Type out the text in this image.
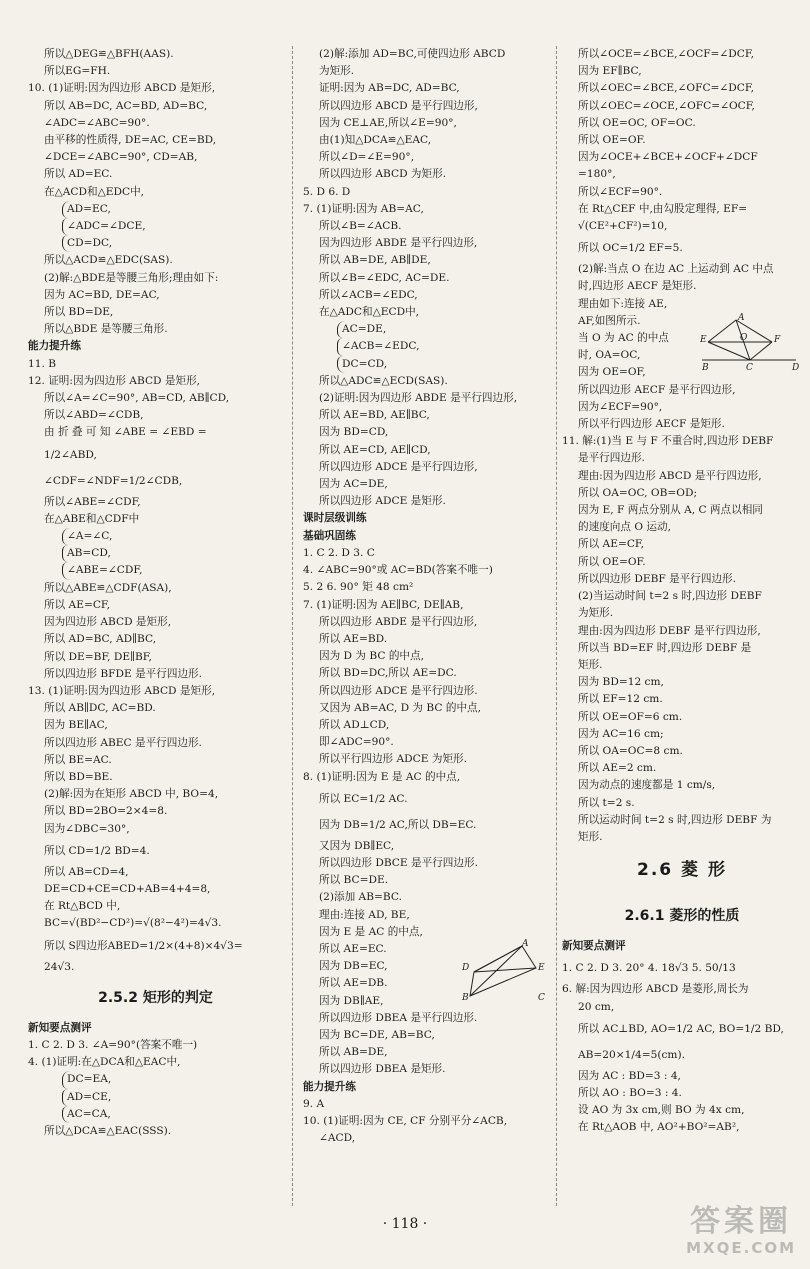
所以△DEG≌△BFH(AAS).
所以EG=FH.
10. (1)证明:因为四边形 ABCD 是矩形,
所以 AB=DC, AC=BD, AD=BC,
∠ADC=∠ABC=90°.
由平移的性质得, DE=AC, CE=BD,
∠DCE=∠ABC=90°, CD=AB,
所以 AD=EC.
在△ACD和△EDC中,
AD=EC,
∠ADC=∠DCE,
CD=DC,
所以△ACD≌△EDC(SAS).
(2)解:△BDE是等腰三角形;理由如下:
因为 AC=BD, DE=AC,
所以 BD=DE,
所以△BDE 是等腰三角形.
能力提升练
11. B
12. 证明:因为四边形 ABCD 是矩形,
所以∠A=∠C=90°, AB=CD, AB∥CD,
所以∠ABD=∠CDB,
由 折 叠 可 知 ∠ABE = ∠EBD =
1/2∠ABD,
∠CDF=∠NDF=1/2∠CDB,
所以∠ABE=∠CDF,
在△ABE和△CDF中
∠A=∠C,
AB=CD,
∠ABE=∠CDF,
所以△ABE≌△CDF(ASA),
所以 AE=CF,
因为四边形 ABCD 是矩形,
所以 AD=BC, AD∥BC,
所以 DE=BF, DE∥BF,
所以四边形 BFDE 是平行四边形.
13. (1)证明:因为四边形 ABCD 是矩形,
所以 AB∥DC, AC=BD.
因为 BE∥AC,
所以四边形 ABEC 是平行四边形.
所以 BE=AC.
所以 BD=BE.
(2)解:因为在矩形 ABCD 中, BO=4,
所以 BD=2BO=2×4=8.
因为∠DBC=30°,
所以 CD=1/2 BD=4.
所以 AB=CD=4,
DE=CD+CE=CD+AB=4+4=8,
在 Rt△BCD 中,
BC=√(BD²−CD²)=√(8²−4²)=4√3.
所以 S四边形ABED=1/2×(4+8)×4√3=
24√3.
2.5.2 矩形的判定
新知要点测评
1. C 2. D 3. ∠A=90°(答案不唯一)
4. (1)证明:在△DCA和△EAC中,
DC=EA,
AD=CE,
AC=CA,
所以△DCA≌△EAC(SSS).
(2)解:添加 AD=BC,可使四边形 ABCD
为矩形.
证明:因为 AB=DC, AD=BC,
所以四边形 ABCD 是平行四边形,
因为 CE⊥AE,所以∠E=90°,
由(1)知△DCA≌△EAC,
所以∠D=∠E=90°,
所以四边形 ABCD 为矩形.
5. D 6. D
7. (1)证明:因为 AB=AC,
所以∠B=∠ACB.
因为四边形 ABDE 是平行四边形,
所以 AB=DE, AB∥DE,
所以∠B=∠EDC, AC=DE.
所以∠ACB=∠EDC,
在△ADC和△ECD中,
AC=DE,
∠ACB=∠EDC,
DC=CD,
所以△ADC≌△ECD(SAS).
(2)证明:因为四边形 ABDE 是平行四边形,
所以 AE=BD, AE∥BC,
因为 BD=CD,
所以 AE=CD, AE∥CD,
所以四边形 ADCE 是平行四边形,
因为 AC=DE,
所以四边形 ADCE 是矩形.
课时层级训练
基础巩固练
1. C 2. D 3. C
4. ∠ABC=90°或 AC=BD(答案不唯一)
5. 2 6. 90° 矩 48 cm²
7. (1)证明:因为 AE∥BC, DE∥AB,
所以四边形 ABDE 是平行四边形,
所以 AE=BD.
因为 D 为 BC 的中点,
所以 BD=DC,所以 AE=DC.
所以四边形 ADCE 是平行四边形.
又因为 AB=AC, D 为 BC 的中点,
所以 AD⊥CD,
即∠ADC=90°.
所以平行四边形 ADCE 为矩形.
8. (1)证明:因为 E 是 AC 的中点,
所以 EC=1/2 AC.
因为 DB=1/2 AC,所以 DB=EC.
又因为 DB∥EC,
所以四边形 DBCE 是平行四边形.
所以 BC=DE.
(2)添加 AB=BC.
理由:连接 AD, BE,
因为 E 是 AC 的中点,
所以 AE=EC.
因为 DB=EC,
所以 AE=DB.
因为 DB∥AE,
所以四边形 DBEA 是平行四边形.
因为 BC=DE, AB=BC,
所以 AB=DE,
所以四边形 DBEA 是矩形.
能力提升练
9. A
10. (1)证明:因为 CE, CF 分别平分∠ACB,
∠ACD,
所以∠OCE=∠BCE,∠OCF=∠DCF,
因为 EF∥BC,
所以∠OEC=∠BCE,∠OFC=∠DCF,
所以∠OEC=∠OCE,∠OFC=∠OCF,
所以 OE=OC, OF=OC.
所以 OE=OF.
因为∠OCE+∠BCE+∠OCF+∠DCF
=180°,
所以∠ECF=90°.
在 Rt△CEF 中,由勾股定理得, EF=
√(CE²+CF²)=10,
所以 OC=1/2 EF=5.
(2)解:当点 O 在边 AC 上运动到 AC 中点
时,四边形 AECF 是矩形.
理由如下:连接 AE,
AF,如图所示.
当 O 为 AC 的中点
时, OA=OC,
因为 OE=OF,
所以四边形 AECF 是平行四边形,
因为∠ECF=90°,
所以平行四边形 AECF 是矩形.
11. 解:(1)当 E 与 F 不重合时,四边形 DEBF
是平行四边形.
理由:因为四边形 ABCD 是平行四边形,
所以 OA=OC, OB=OD;
因为 E, F 两点分别从 A, C 两点以相同
的速度向点 O 运动,
所以 AE=CF,
所以 OE=OF.
所以四边形 DEBF 是平行四边形.
(2)当运动时间 t=2 s 时,四边形 DEBF
为矩形.
理由:因为四边形 DEBF 是平行四边形,
所以当 BD=EF 时,四边形 DEBF 是
矩形.
因为 BD=12 cm,
所以 EF=12 cm.
所以 OE=OF=6 cm.
因为 AC=16 cm;
所以 OA=OC=8 cm.
所以 AE=2 cm.
因为动点的速度都是 1 cm/s,
所以 t=2 s.
所以运动时间 t=2 s 时,四边形 DEBF 为
矩形.
2.6 菱 形
2.6.1 菱形的性质
新知要点测评
1. C 2. D 3. 20° 4. 18√3 5. 50/13
6. 解:因为四边形 ABCD 是菱形,周长为
20 cm,
所以 AC⊥BD, AO=1/2 AC, BO=1/2 BD,
AB=20×1/4=5(cm).
因为 AC : BD=3 : 4,
所以 AO : BO=3 : 4.
设 AO 为 3x cm,则 BO 为 4x cm,
在 Rt△AOB 中, AO²+BO²=AB²,
A
D	E
B	C
A
E	F
O
C
B	D
· 118 ·	答案圈
MXQE.COM
